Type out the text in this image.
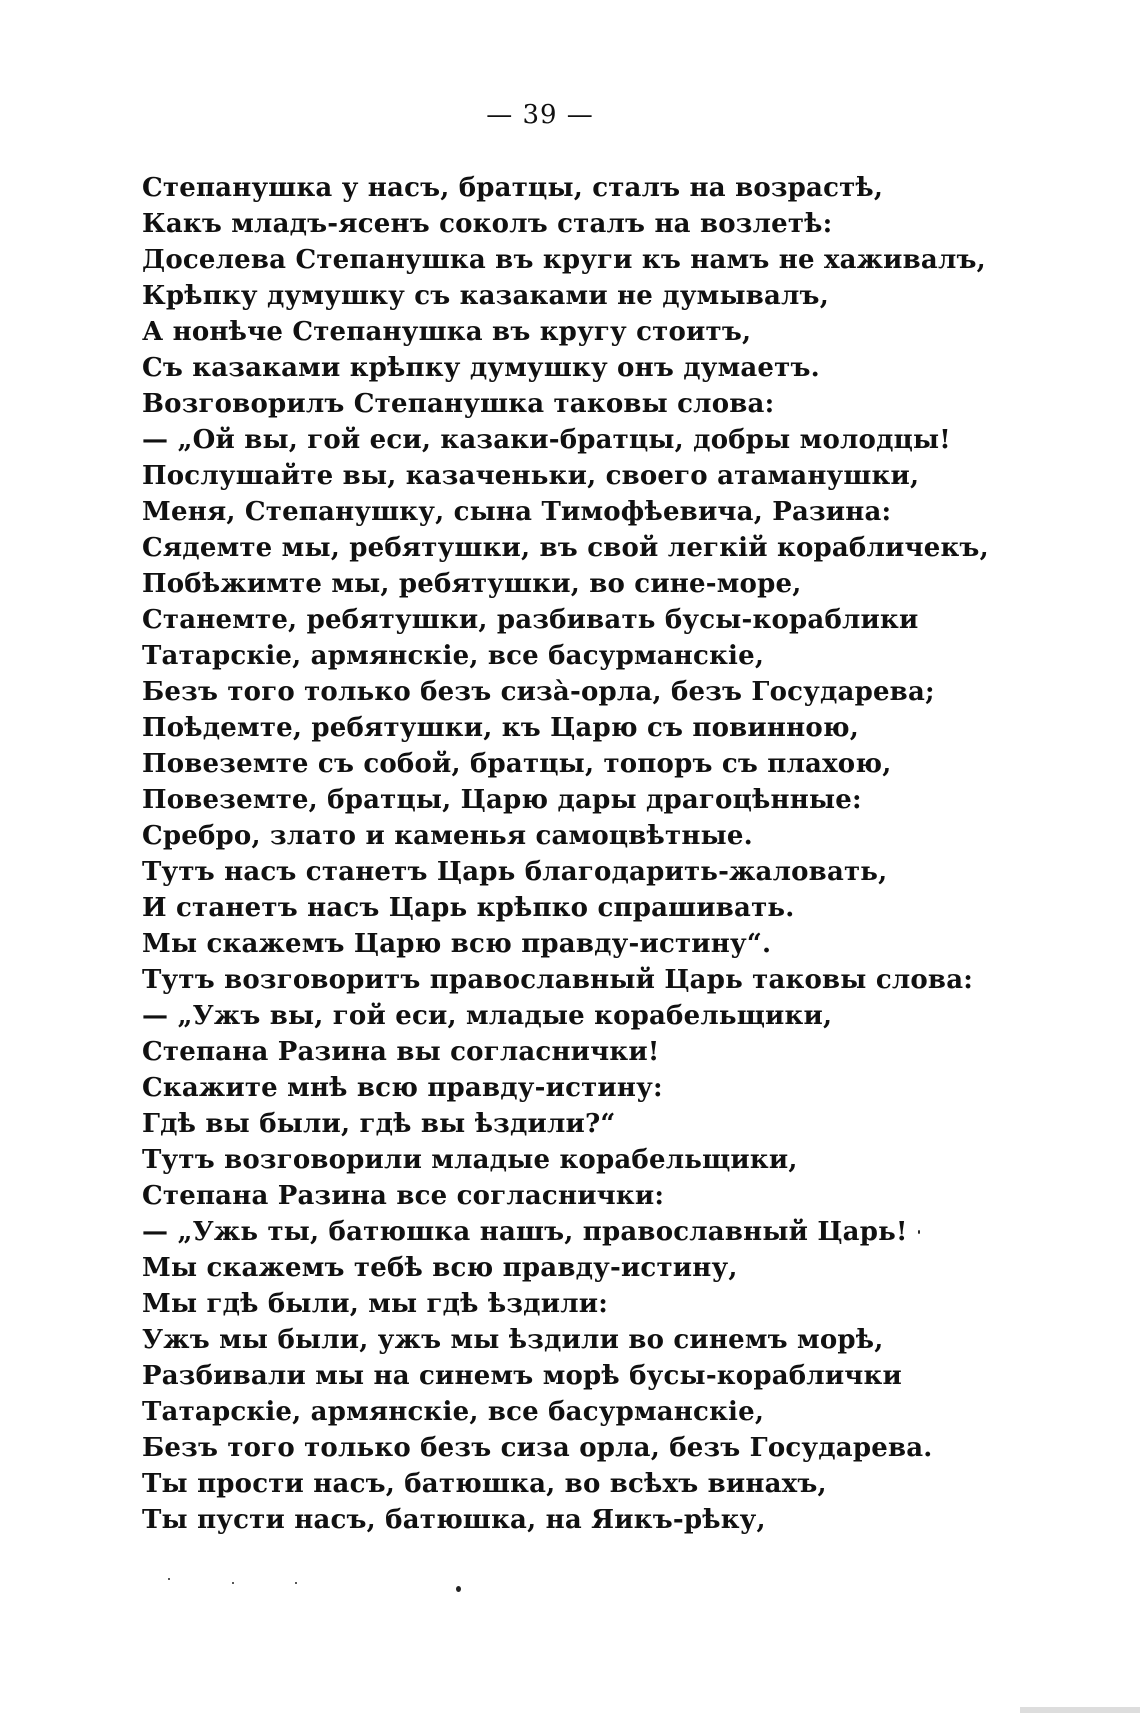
— 39 —
Степанушка у насъ, братцы, сталъ на возрастѣ,
Какъ младъ-ясенъ соколъ сталъ на возлетѣ:
Доселева Степанушка въ круги къ намъ не хаживалъ,
Крѣпку думушку съ казаками не думывалъ,
А нонѣче Степанушка въ кругу стоитъ,
Съ казаками крѣпку думушку онъ думаетъ.
Возговорилъ Степанушка таковы слова:
— „Ой вы, гой еси, казаки-братцы, добры молодцы!
Послушайте вы, казаченьки, своего атаманушки,
Меня, Степанушку, сына Тимофѣевича, Разина:
Сядемте мы, ребятушки, въ свой легкій корабличекъ,
Побѣжимте мы, ребятушки, во сине-море,
Станемте, ребятушки, разбивать бусы-кораблики
Татарскіе, армянскіе, все басурманскіе,
Безъ того только безъ сизà-орла, безъ Государева;
Поѣдемте, ребятушки, къ Царю съ повинною,
Повеземте съ собой, братцы, топоръ съ плахою,
Повеземте, братцы, Царю дары драгоцѣнные:
Сребро, злато и каменья самоцвѣтные.
Тутъ насъ станетъ Царь благодарить-жаловать,
И станетъ насъ Царь крѣпко спрашивать.
Мы скажемъ Царю всю правду-истину“.
Тутъ возговоритъ православный Царь таковы слова:
— „Ужъ вы, гой еси, младые корабельщики,
Степана Разина вы согласнички!
Скажите мнѣ всю правду-истину:
Гдѣ вы были, гдѣ вы ѣздили?“
Тутъ возговорили младые корабельщики,
Степана Разина все согласнички:
— „Ужь ты, батюшка нашъ, православный Царь!
Мы скажемъ тебѣ всю правду-истину,
Мы гдѣ были, мы гдѣ ѣздили:
Ужъ мы были, ужъ мы ѣздили во синемъ морѣ,
Разбивали мы на синемъ морѣ бусы-кораблички
Татарскіе, армянскіе, все басурманскіе,
Безъ того только безъ сиза орла, безъ Государева.
Ты прости насъ, батюшка, во всѣхъ винахъ,
Ты пусти насъ, батюшка, на Яикъ-рѣку,
